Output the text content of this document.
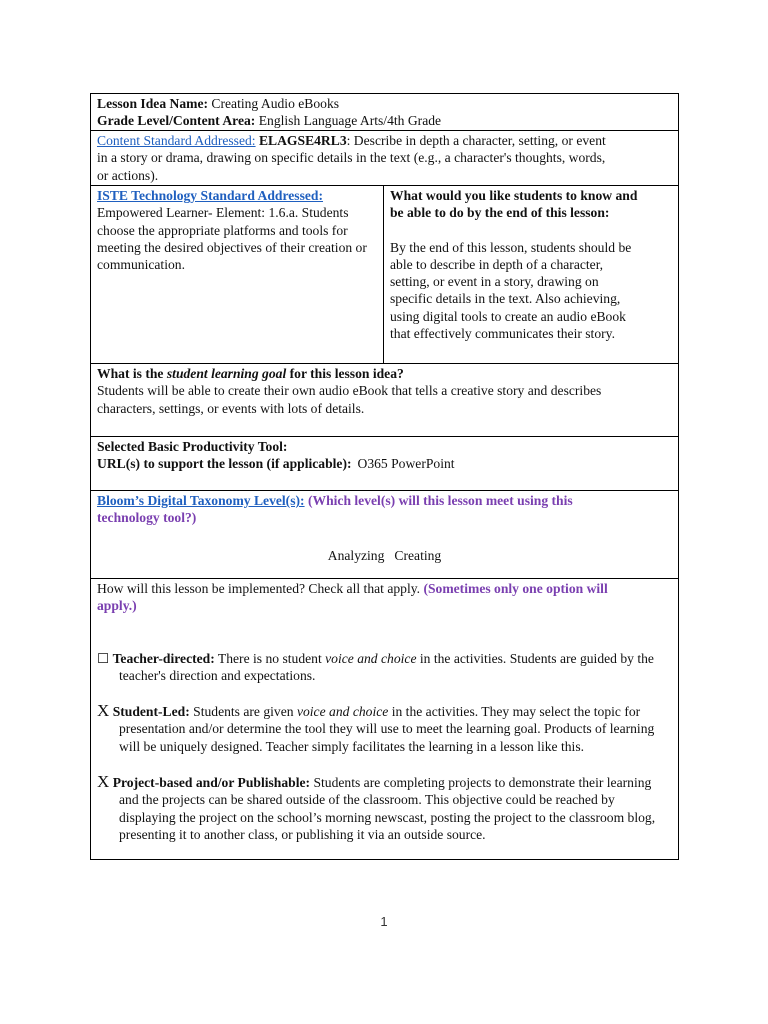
Lesson Idea Name: Creating Audio eBooks

Grade Level/Content Area: English Language Arts/4th Grade

Content Standard Addressed: ELAGSE4RL3: Describe in depth a character, setting, or event

in a story or drama, drawing on specific details in the text (e.g., a character's thoughts, words,

or actions).

ISTE Technology Standard Addressed:

Empowered Learner- Element: 1.6.a. Students

choose the appropriate platforms and tools for

meeting the desired objectives of their creation or

communication.

What would you like students to know and

be able to do by the end of this lesson:

By the end of this lesson, students should be

able to describe in depth of a character,

setting, or event in a story, drawing on

specific details in the text. Also achieving,

using digital tools to create an audio eBook

that effectively communicates their story.

What is the student learning goal for this lesson idea?

Students will be able to create their own audio eBook that tells a creative story and describes

characters, settings, or events with lots of details.

Selected Basic Productivity Tool:

URL(s) to support the lesson (if applicable): O365 PowerPoint

Bloom’s Digital Taxonomy Level(s): (Which level(s) will this lesson meet using this

technology tool?)

Analyzing Creating

How will this lesson be implemented? Check all that apply. (Sometimes only one option will

apply.)

☐ Teacher-directed: There is no student voice and choice in the activities. Students are guided by the

teacher's direction and expectations.

X Student-Led: Students are given voice and choice in the activities. They may select the topic for

presentation and/or determine the tool they will use to meet the learning goal. Products of learning

will be uniquely designed. Teacher simply facilitates the learning in a lesson like this.

X Project-based and/or Publishable: Students are completing projects to demonstrate their learning

and the projects can be shared outside of the classroom. This objective could be reached by

displaying the project on the school’s morning newscast, posting the project to the classroom blog,

presenting it to another class, or publishing it via an outside source.

1
